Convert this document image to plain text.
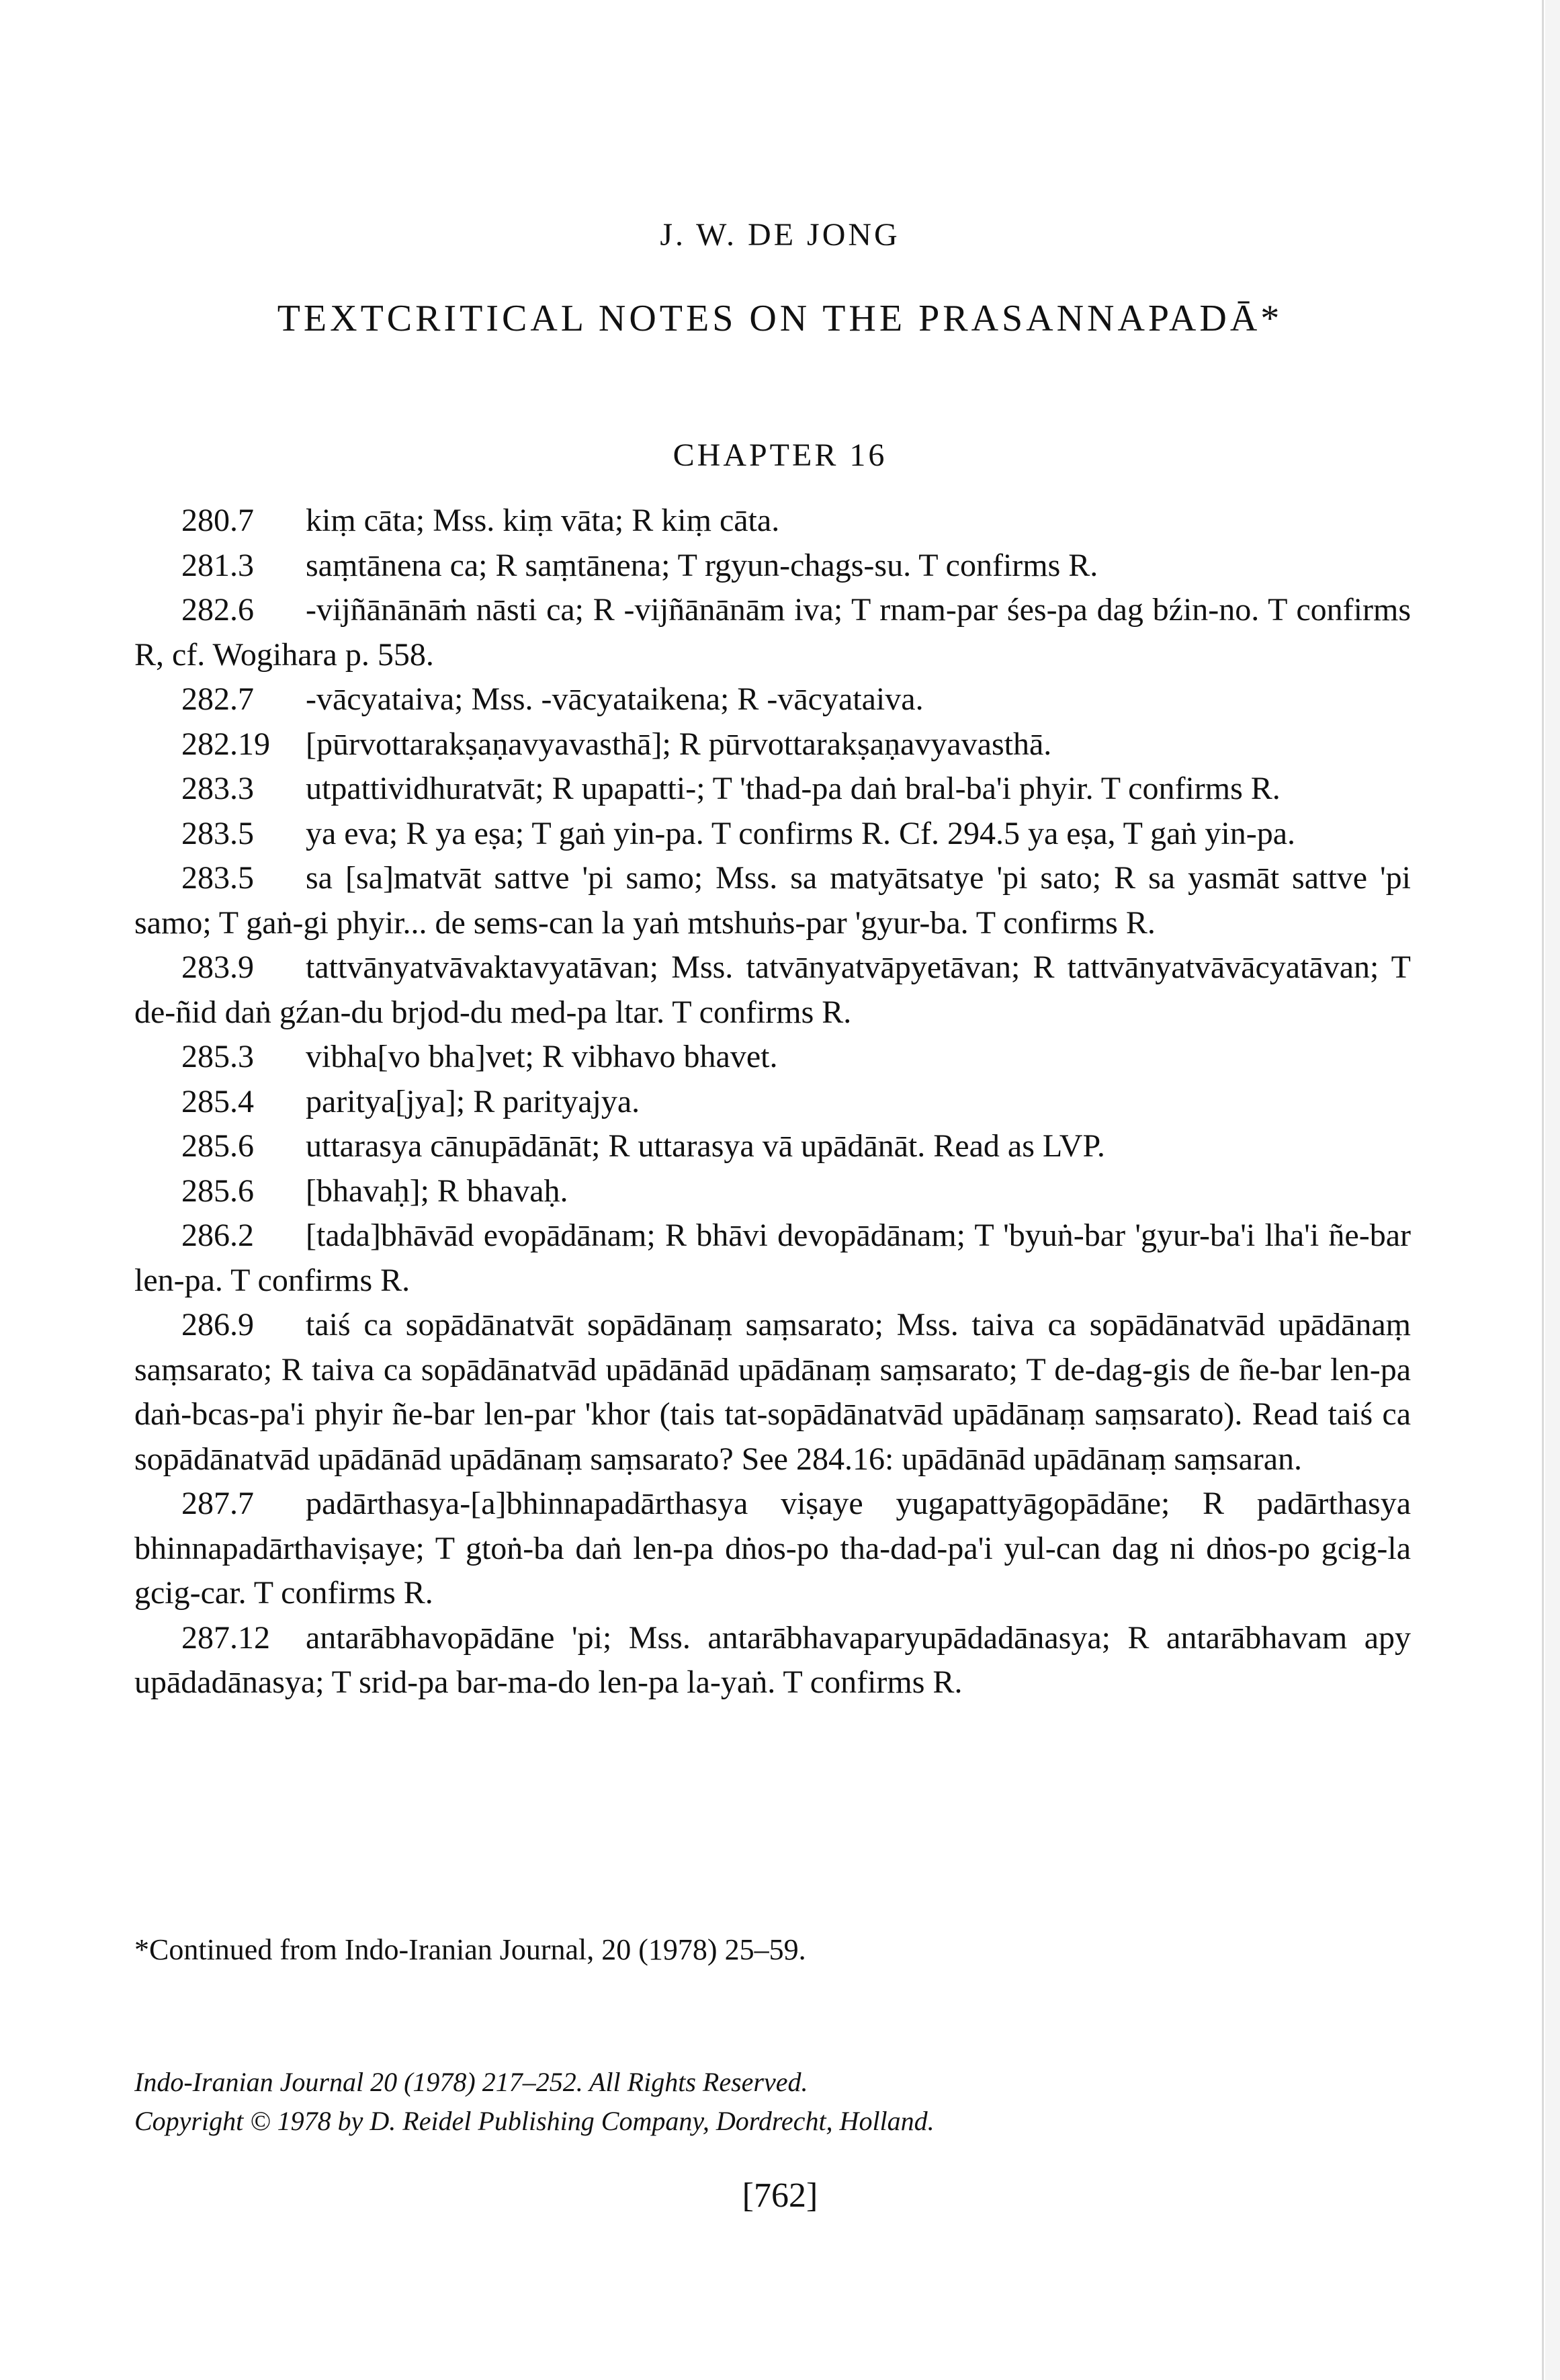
J. W. DE JONG
TEXTCRITICAL NOTES ON THE PRASANNAPADĀ*
CHAPTER 16
280.7 kiṃ cāta; Mss. kiṃ vāta; R kiṃ cāta.
281.3 saṃtānena ca; R saṃtānena; T rgyun-chags-su. T confirms R.
282.6 -vijñānānāṁ nāsti ca; R -vijñānānām iva; T rnam-par śes-pa dag bźin-no. T confirms R, cf. Wogihara p. 558.
282.7 -vācyataiva; Mss. -vācyataikena; R -vācyataiva.
282.19 [pūrvottarakṣaṇavyavasthā]; R pūrvottarakṣaṇavyavasthā.
283.3 utpattividhuratvāt; R upapatti-; T 'thad-pa daṅ bral-ba'i phyir. T confirms R.
283.5 ya eva; R ya eṣa; T gaṅ yin-pa. T confirms R. Cf. 294.5 ya eṣa, T gaṅ yin-pa.
283.5 sa [sa]matvāt sattve 'pi samo; Mss. sa matyātsatye 'pi sato; R sa yasmāt sattve 'pi samo; T gaṅ-gi phyir... de sems-can la yaṅ mtshuṅs-par 'gyur-ba. T confirms R.
283.9 tattvānyatvāvaktavyatāvan; Mss. tatvānyatvāpyetāvan; R tattvānyatvāvācyatāvan; T de-ñid daṅ gźan-du brjod-du med-pa ltar. T confirms R.
285.3 vibha[vo bha]vet; R vibhavo bhavet.
285.4 paritya[jya]; R parityajya.
285.6 uttarasya cānupādānāt; R uttarasya vā upādānāt. Read as LVP.
285.6 [bhavaḥ]; R bhavaḥ.
286.2 [tada]bhāvād evopādānam; R bhāvi devopādānam; T 'byuṅ-bar 'gyur-ba'i lha'i ñe-bar len-pa. T confirms R.
286.9 taiś ca sopādānatvāt sopādānaṃ saṃsarato; Mss. taiva ca sopādānatvād upādānaṃ saṃsarato; R taiva ca sopādānatvād upādānād upādānaṃ saṃsarato; T de-dag-gis de ñe-bar len-pa daṅ-bcas-pa'i phyir ñe-bar len-par 'khor (tais tat-sopādānatvād upādānaṃ saṃsarato). Read taiś ca sopādānatvād upādānād upādānaṃ saṃsarato? See 284.16: upādānād upādānaṃ saṃsaran.
287.7 padārthasya-[a]bhinnapadārthasya viṣaye yugapattyāgopādāne; R padārthasya bhinnapadārthaviṣaye; T gtoṅ-ba daṅ len-pa dṅos-po tha-dad-pa'i yul-can dag ni dṅos-po gcig-la gcig-car. T confirms R.
287.12 antarābhavopādāne 'pi; Mss. antarābhavaparyupādadānasya; R antarābhavam apy upādadānasya; T srid-pa bar-ma-do len-pa la-yaṅ. T confirms R.
*Continued from Indo-Iranian Journal, 20 (1978) 25–59.
Indo-Iranian Journal 20 (1978) 217–252. All Rights Reserved.
Copyright © 1978 by D. Reidel Publishing Company, Dordrecht, Holland.
[762]
